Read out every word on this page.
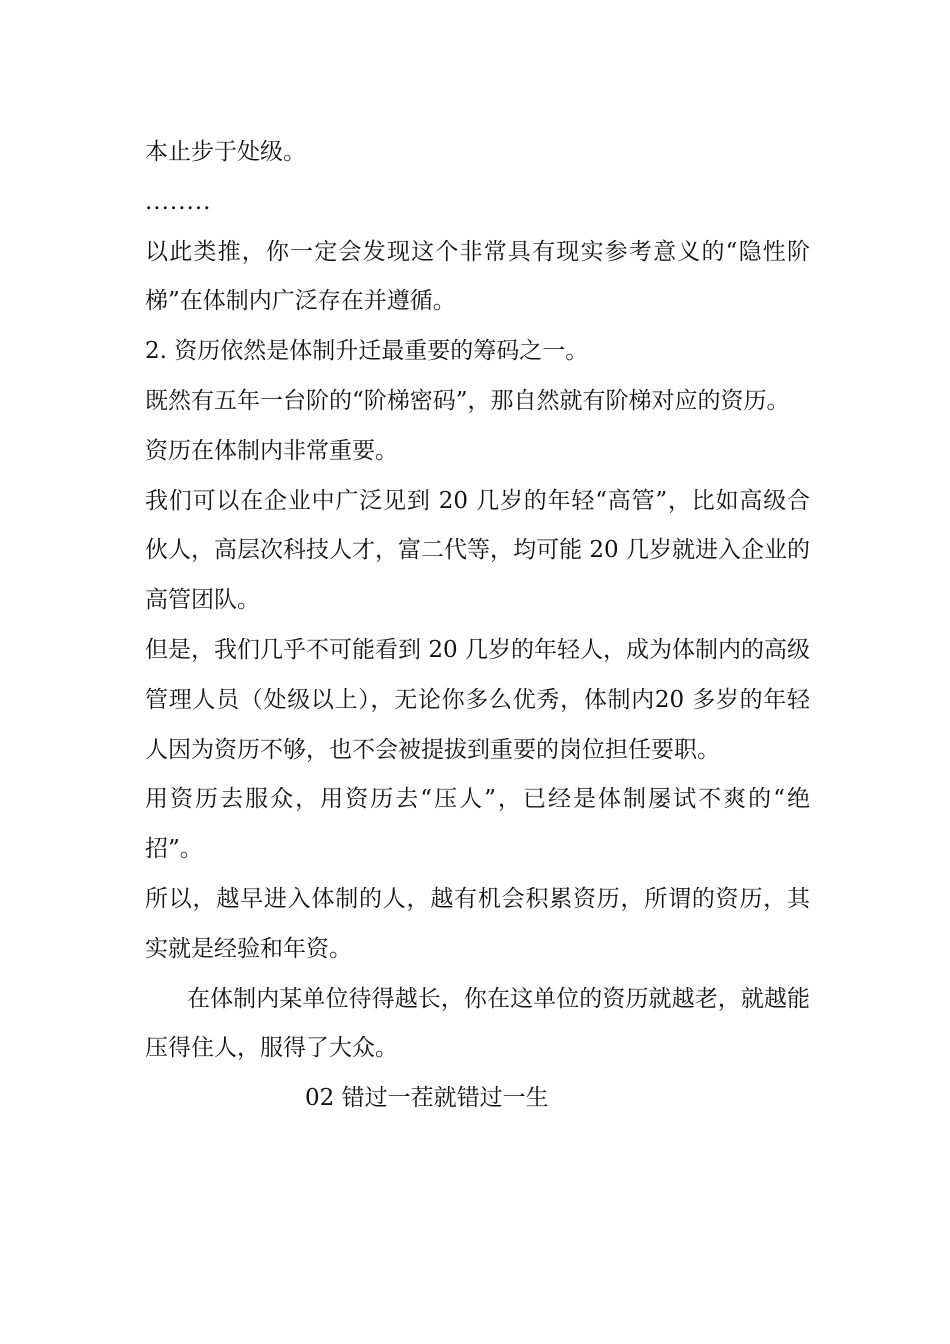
本止步于处级。

........

以此类推，你一定会发现这个非常具有现实参考意义的“隐性阶梯”在体制内广泛存在并遵循。

2. 资历依然是体制升迁最重要的筹码之一。

既然有五年一台阶的“阶梯密码”，那自然就有阶梯对应的资历。

资历在体制内非常重要。

我们可以在企业中广泛见到 20 几岁的年轻“高管”，比如高级合伙人，高层次科技人才，富二代等，均可能 20 几岁就进入企业的高管团队。

但是，我们几乎不可能看到 20 几岁的年轻人，成为体制内的高级管理人员（处级以上），无论你多么优秀，体制内20 多岁的年轻人因为资历不够，也不会被提拔到重要的岗位担任要职。

用资历去服众，用资历去“压人”，已经是体制屡试不爽的“绝招”。

所以，越早进入体制的人，越有机会积累资历，所谓的资历，其实就是经验和年资。

在体制内某单位待得越长，你在这单位的资历就越老，就越能压得住人，服得了大众。

02 错过一茬就错过一生
